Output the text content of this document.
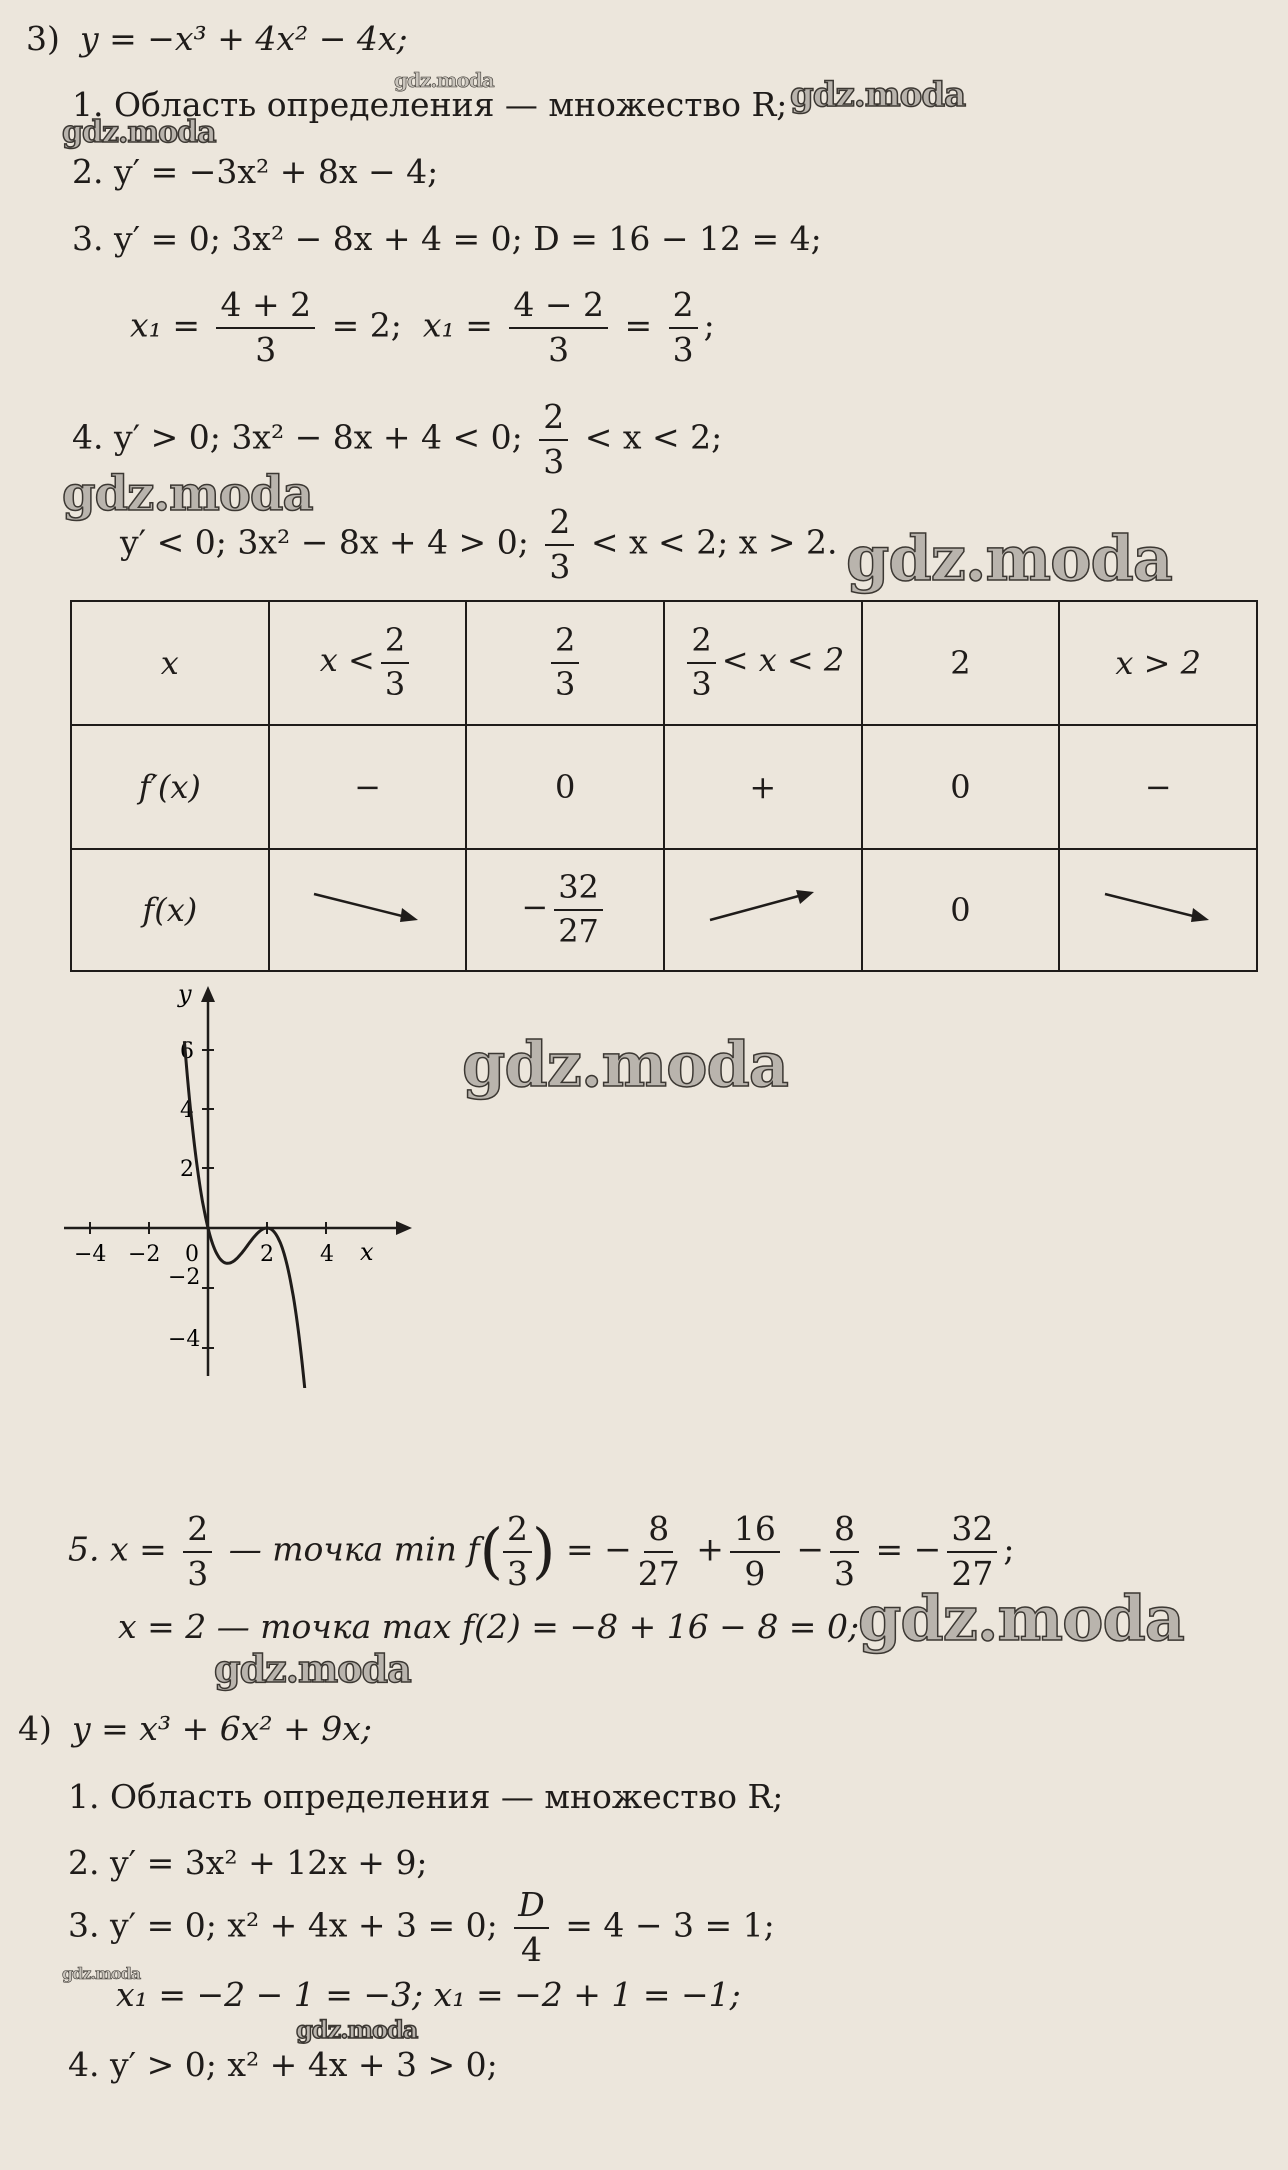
3) y = −x³ + 4x² − 4x;
1. Область определения — множество R;
2. y′ = −3x² + 8x − 4;
3. y′ = 0; 3x² − 8x + 4 = 0; D = 16 − 12 = 4;
$x_1 = \frac{4 + 2}{3} = 2$; $x_1 = \frac{4 - 2}{3} = \frac{2}{3}$ ;
4. y′ > 0; 3x² − 8x + 4 < 0; $\frac{2}{3} < x < 2$;
y′ < 0; 3x² − 8x + 4 > 0; $\frac{2}{3} < x < 2$; x > 2.
x	$x < \frac{2}{3}$	$\frac{2}{3}$	$\frac{2}{3} < x < 2$	2	x > 2
f′(x)	−	0	+	0	−
f(x)		− $\frac{32}{27}$		0	
y
x
6
4
2
−2
−4
−4 −2 0	2 4
5. $x = \frac{2}{3}$ — точка $\min f( \frac{2}{3}$ ) = − $\frac{8}{27} + \frac{16}{9} - \frac{8}{3}$ = − $\frac{32}{27}$ ;
x = 2 — точка max f(2) = −8 + 16 − 8 = 0;
4) y = x³ + 6x² + 9x;
1. Область определения — множество R;
2. y′ = 3x² + 12x + 9;
3. y′ = 0; x² + 4x + 3 = 0; $\frac{D}{4} = 4 - 3 = 1$;
x₁ = −2 − 1 = −3; x₁ = −2 + 1 = −1;
4. y′ > 0; x² + 4x + 3 > 0;
gdz.moda	gdz.moda
gdz.moda
gdz.moda
gdz.moda
gdz.moda
gdz.moda
gdz.moda
gdz.moda
gdz.moda
